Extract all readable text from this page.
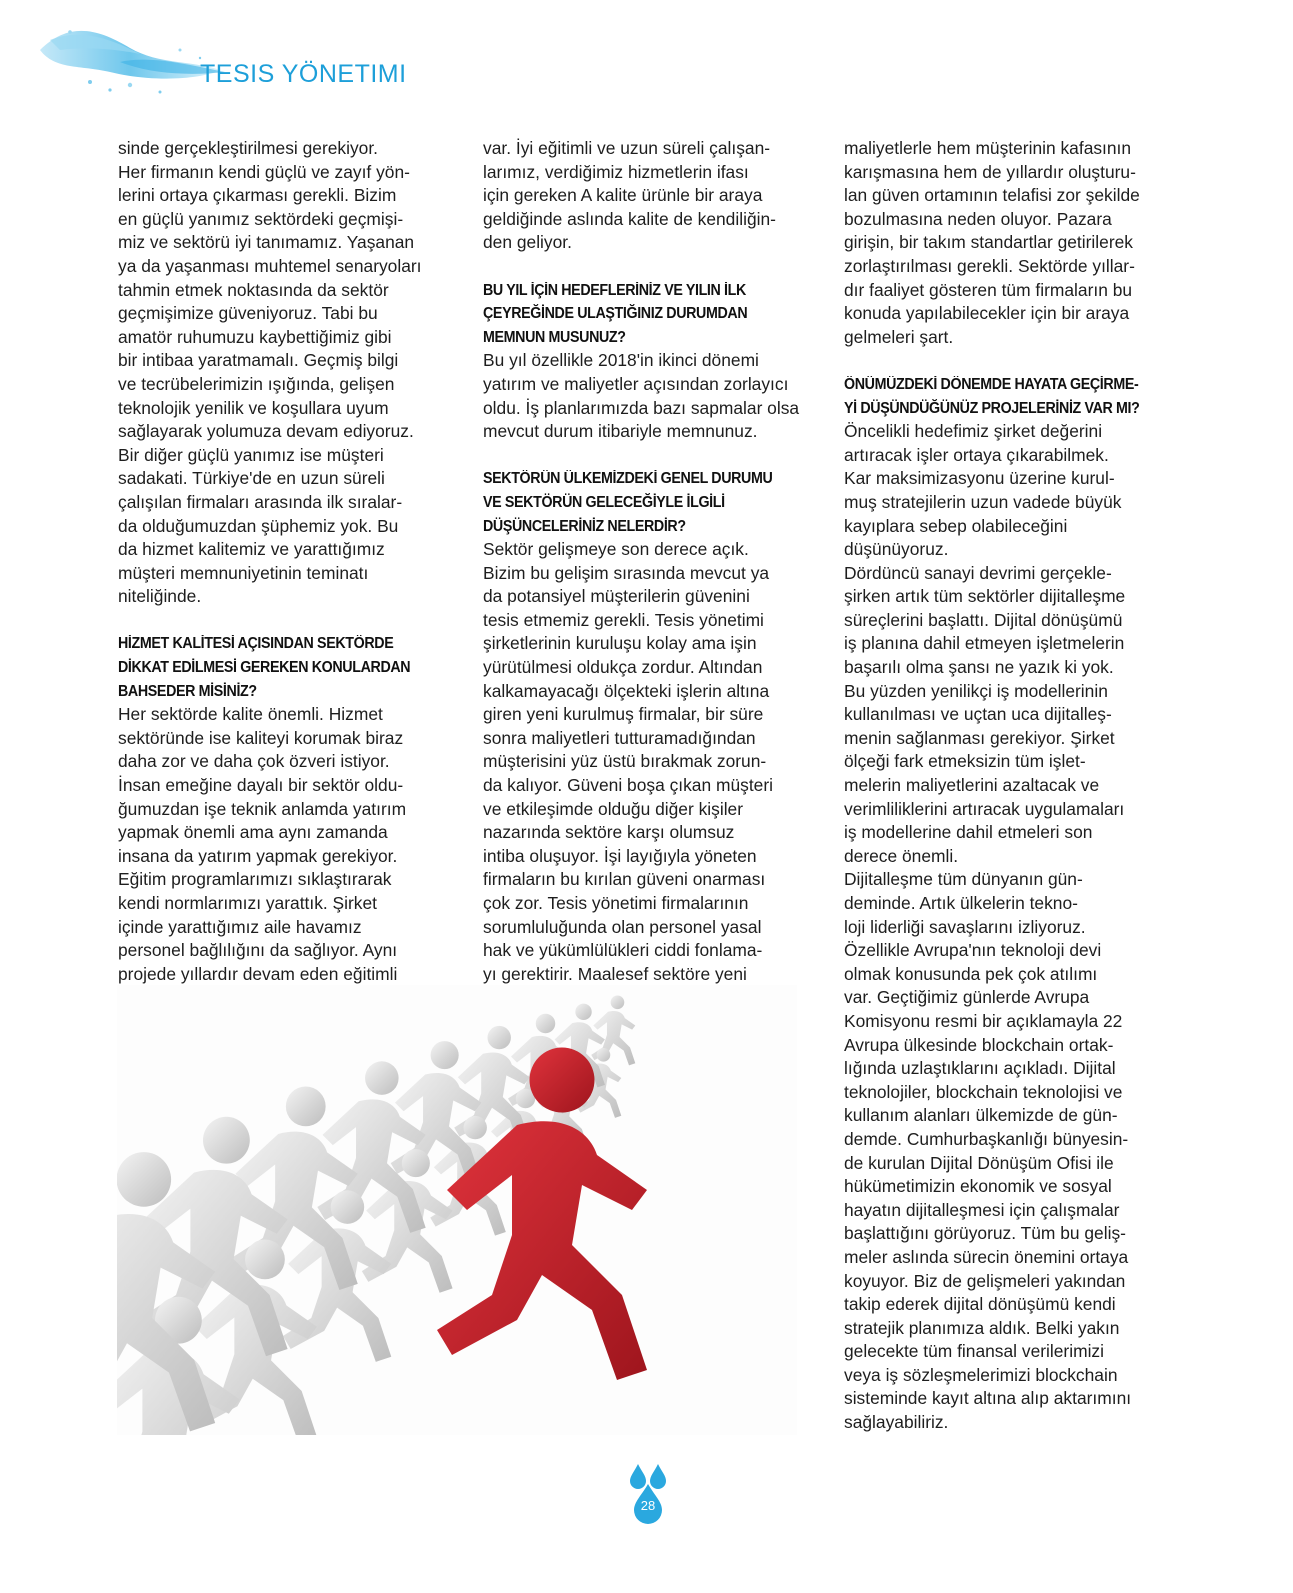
TESIS YÖNETIMI

sinde gerçekleştirilmesi gerekiyor.
Her firmanın kendi güçlü ve zayıf yön-
lerini ortaya çıkarması gerekli. Bizim
en güçlü yanımız sektördeki geçmişi-
miz ve sektörü iyi tanımamız. Yaşanan
ya da yaşanması muhtemel senaryoları
tahmin etmek noktasında da sektör
geçmişimize güveniyoruz. Tabi bu
amatör ruhumuzu kaybettiğimiz gibi
bir intibaa yaratmamalı. Geçmiş bilgi
ve tecrübelerimizin ışığında, gelişen
teknolojik yenilik ve koşullara uyum
sağlayarak yolumuza devam ediyoruz.
Bir diğer güçlü yanımız ise müşteri
sadakati. Türkiye'de en uzun süreli
çalışılan firmaları arasında ilk sıralar-
da olduğumuzdan şüphemiz yok. Bu
da hizmet kalitemiz ve yarattığımız
müşteri memnuniyetinin teminatı
niteliğinde.

HİZMET KALİTESİ AÇISINDAN SEKTÖRDE
DİKKAT EDİLMESİ GEREKEN KONULARDAN
BAHSEDER MİSİNİZ?

Her sektörde kalite önemli. Hizmet
sektöründe ise kaliteyi korumak biraz
daha zor ve daha çok özveri istiyor.
İnsan emeğine dayalı bir sektör oldu-
ğumuzdan işe teknik anlamda yatırım
yapmak önemli ama aynı zamanda
insana da yatırım yapmak gerekiyor.
Eğitim programlarımızı sıklaştırarak
kendi normlarımızı yarattık. Şirket
içinde yarattığımız aile havamız
personel bağlılığını da sağlıyor. Aynı
projede yıllardır devam eden eğitimli

var. İyi eğitimli ve uzun süreli çalışan-
larımız, verdiğimiz hizmetlerin ifası
için gereken A kalite ürünle bir araya
geldiğinde aslında kalite de kendiliğin-
den geliyor.

BU YIL İÇİN HEDEFLERİNİZ VE YILIN İLK
ÇEYREĞİNDE ULAŞTIĞINIZ DURUMDAN
MEMNUN MUSUNUZ?

Bu yıl özellikle 2018'in ikinci dönemi
yatırım ve maliyetler açısından zorlayıcı
oldu. İş planlarımızda bazı sapmalar olsa
mevcut durum itibariyle memnunuz.

SEKTÖRÜN ÜLKEMİZDEKİ GENEL DURUMU
VE SEKTÖRÜN GELECEĞİYLE İLGİLİ
DÜŞÜNCELERİNİZ NELERDİR?

Sektör gelişmeye son derece açık.
Bizim bu gelişim sırasında mevcut ya
da potansiyel müşterilerin güvenini
tesis etmemiz gerekli. Tesis yönetimi
şirketlerinin kuruluşu kolay ama işin
yürütülmesi oldukça zordur. Altından
kalkamayacağı ölçekteki işlerin altına
giren yeni kurulmuş firmalar, bir süre
sonra maliyetleri tutturamadığından
müşterisini yüz üstü bırakmak zorun-
da kalıyor. Güveni boşa çıkan müşteri
ve etkileşimde olduğu diğer kişiler
nazarında sektöre karşı olumsuz
intiba oluşuyor. İşi layığıyla yöneten
firmaların bu kırılan güveni onarması
çok zor. Tesis yönetimi firmalarının
sorumluluğunda olan personel yasal
hak ve yükümlülükleri ciddi fonlama-
yı gerektirir. Maalesef sektöre yeni

maliyetlerle hem müşterinin kafasının
karışmasına hem de yıllardır oluşturu-
lan güven ortamının telafisi zor şekilde
bozulmasına neden oluyor. Pazara
girişin, bir takım standartlar getirilerek
zorlaştırılması gerekli. Sektörde yıllar-
dır faaliyet gösteren tüm firmaların bu
konuda yapılabilecekler için bir araya
gelmeleri şart.

ÖNÜMÜZDEKİ DÖNEMDE HAYATA GEÇİRME-
Yİ DÜŞÜNDÜĞÜNÜZ PROJELERİNİZ VAR MI?

Öncelikli hedefimiz şirket değerini
artıracak işler ortaya çıkarabilmek.
Kar maksimizasyonu üzerine kurul-
muş stratejilerin uzun vadede büyük
kayıplara sebep olabileceğini
düşünüyoruz.
Dördüncü sanayi devrimi gerçekle-
şirken artık tüm sektörler dijitalleşme
süreçlerini başlattı. Dijital dönüşümü
iş planına dahil etmeyen işletmelerin
başarılı olma şansı ne yazık ki yok.
Bu yüzden yenilikçi iş modellerinin
kullanılması ve uçtan uca dijitalleş-
menin sağlanması gerekiyor. Şirket
ölçeği fark etmeksizin tüm işlet-
melerin maliyetlerini azaltacak ve
verimliliklerini artıracak uygulamaları
iş modellerine dahil etmeleri son
derece önemli.
Dijitalleşme tüm dünyanın gün-
deminde. Artık ülkelerin tekno-
loji liderliği savaşlarını izliyoruz.
Özellikle Avrupa'nın teknoloji devi
olmak konusunda pek çok atılımı
var. Geçtiğimiz günlerde Avrupa
Komisyonu resmi bir açıklamayla 22
Avrupa ülkesinde blockchain ortak-
lığında uzlaştıklarını açıkladı. Dijital
teknolojiler, blockchain teknolojisi ve
kullanım alanları ülkemizde de gün-
demde. Cumhurbaşkanlığı bünyesin-
de kurulan Dijital Dönüşüm Ofisi ile
hükümetimizin ekonomik ve sosyal
hayatın dijitalleşmesi için çalışmalar
başlattığını görüyoruz. Tüm bu geliş-
meler aslında sürecin önemini ortaya
koyuyor. Biz de gelişmeleri yakından
takip ederek dijital dönüşümü kendi
stratejik planımıza aldık. Belki yakın
gelecekte tüm finansal verilerimizi
veya iş sözleşmelerimizi blockchain
sisteminde kayıt altına alıp aktarımını
sağlayabiliriz.

28
